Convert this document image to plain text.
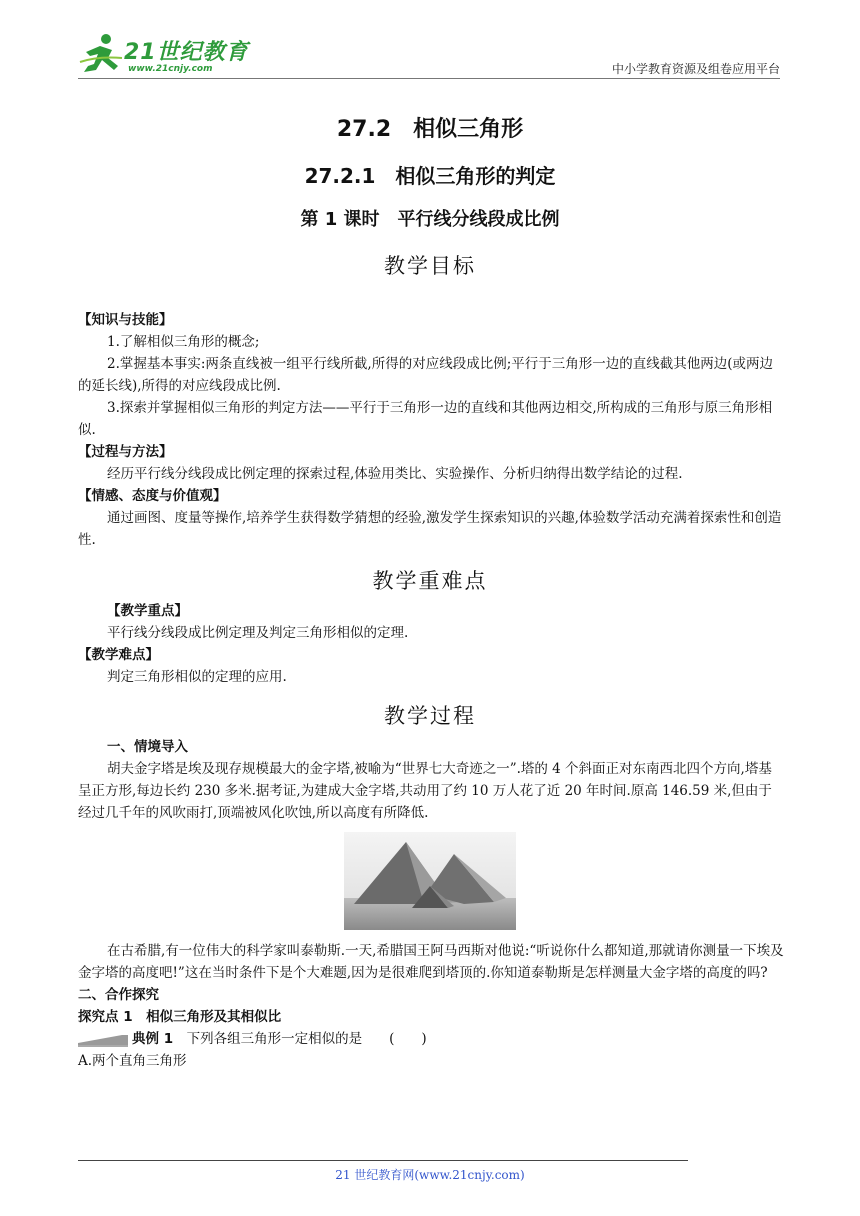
21世纪教育
www.21cnjy.com	中小学教育资源及组卷应用平台
27.2　相似三角形
27.2.1　相似三角形的判定
第 1 课时　平行线分线段成比例
教学目标

【知识与技能】

1.了解相似三角形的概念;

2.掌握基本事实:两条直线被一组平行线所截,所得的对应线段成比例;平行于三角形一边的直线截其他两边(或两边的延长线),所得的对应线段成比例.

3.探索并掌握相似三角形的判定方法——平行于三角形一边的直线和其他两边相交,所构成的三角形与原三角形相似.

【过程与方法】

经历平行线分线段成比例定理的探索过程,体验用类比、实验操作、分析归纳得出数学结论的过程.

【情感、态度与价值观】

通过画图、度量等操作,培养学生获得数学猜想的经验,激发学生探索知识的兴趣,体验数学活动充满着探索性和创造性.

教学重难点

【教学重点】

平行线分线段成比例定理及判定三角形相似的定理.

【教学难点】

判定三角形相似的定理的应用.

教学过程

一、情境导入

胡夫金字塔是埃及现存规模最大的金字塔,被喻为“世界七大奇迹之一”.塔的 4 个斜面正对东南西北四个方向,塔基呈正方形,每边长约 230 多米.据考证,为建成大金字塔,共动用了约 10 万人花了近 20 年时间.原高 146.59 米,但由于经过几千年的风吹雨打,顶端被风化吹蚀,所以高度有所降低.

在古希腊,有一位伟大的科学家叫泰勒斯.一天,希腊国王阿马西斯对他说:“听说你什么都知道,那就请你测量一下埃及金字塔的高度吧!”这在当时条件下是个大难题,因为是很难爬到塔顶的.你知道泰勒斯是怎样测量大金字塔的高度的吗?

二、合作探究

探究点 1　相似三角形及其相似比

典例 1　 下列各组三角形一定相似的是　　(　　)

A.两个直角三角形

21 世纪教育网(www.21cnjy.com)
